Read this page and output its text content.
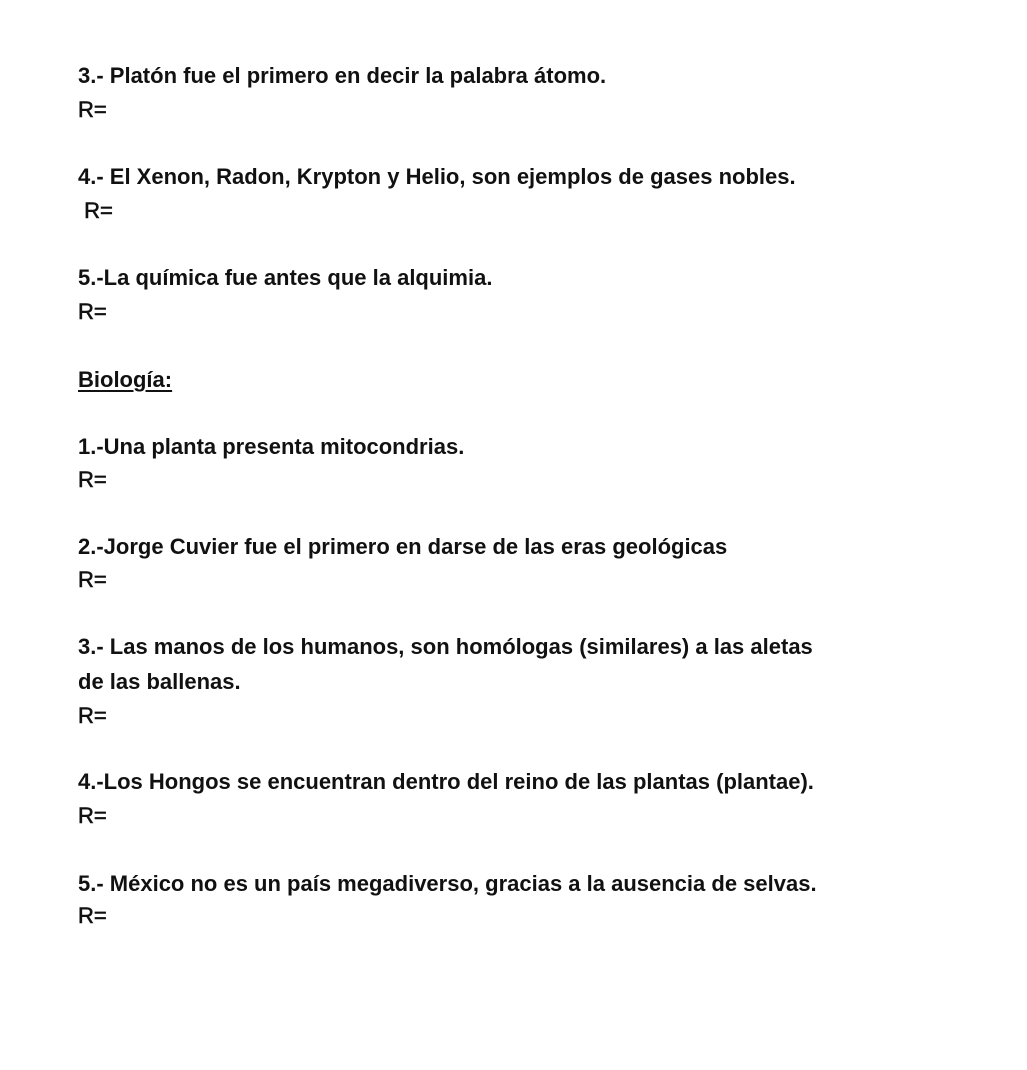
3.- Platón fue el primero en decir la palabra átomo.

R=

4.- El Xenon, Radon, Krypton y Helio, son ejemplos de gases nobles.

R=

5.-La química fue antes que la alquimia.

R=

Biología:

1.-Una planta presenta mitocondrias.

R=

2.-Jorge Cuvier fue el primero en darse de las eras geológicas

R=

3.- Las manos de los humanos, son homólogas (similares) a las aletas

de las ballenas.

R=

4.-Los Hongos se encuentran dentro del reino de las plantas (plantae).

R=

5.- México no es un país megadiverso, gracias a la ausencia de selvas.

R=
